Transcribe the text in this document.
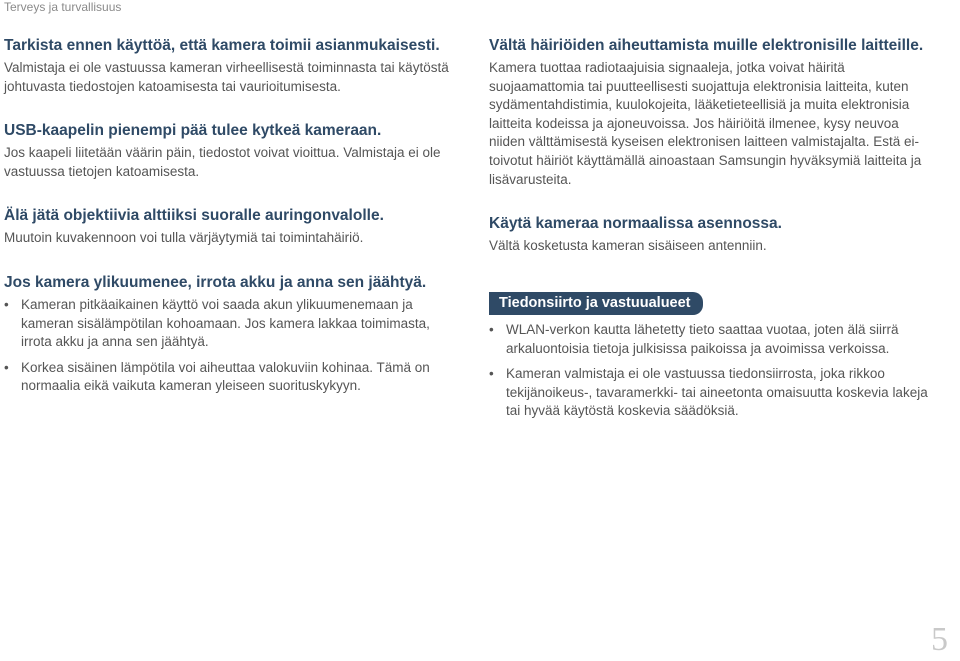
Terveys ja turvallisuus
Tarkista ennen käyttöä, että kamera toimii asianmukaisesti.

Valmistaja ei ole vastuussa kameran virheellisestä toiminnasta tai käytöstä johtuvasta tiedostojen katoamisesta tai vaurioitumisesta.

USB-kaapelin pienempi pää tulee kytkeä kameraan.

Jos kaapeli liitetään väärin päin, tiedostot voivat vioittua. Valmistaja ei ole vastuussa tietojen katoamisesta.

Älä jätä objektiivia alttiiksi suoralle auringonvalolle.

Muutoin kuvakennoon voi tulla värjäytymiä tai toimintahäiriö.

Jos kamera ylikuumenee, irrota akku ja anna sen jäähtyä.
• Kameran pitkäaikainen käyttö voi saada akun ylikuumenemaan ja kameran sisälämpötilan kohoamaan. Jos kamera lakkaa toimimasta, irrota akku ja anna sen jäähtyä.
• Korkea sisäinen lämpötila voi aiheuttaa valokuviin kohinaa. Tämä on normaalia eikä vaikuta kameran yleiseen suorituskykyyn.
Vältä häiriöiden aiheuttamista muille elektronisille laitteille.

Kamera tuottaa radiotaajuisia signaaleja, jotka voivat häiritä suojaamattomia tai puutteellisesti suojattuja elektronisia laitteita, kuten sydämentahdistimia, kuulokojeita, lääketieteellisiä ja muita elektronisia laitteita kodeissa ja ajoneuvoissa. Jos häiriöitä ilmenee, kysy neuvoa niiden välttämisestä kyseisen elektronisen laitteen valmistajalta. Estä ei-toivotut häiriöt käyttämällä ainoastaan Samsungin hyväksymiä laitteita ja lisävarusteita.

Käytä kameraa normaalissa asennossa.

Vältä kosketusta kameran sisäiseen antenniin.

Tiedonsiirto ja vastuualueet
• WLAN-verkon kautta lähetetty tieto saattaa vuotaa, joten älä siirrä arkaluontoisia tietoja julkisissa paikoissa ja avoimissa verkoissa.
• Kameran valmistaja ei ole vastuussa tiedonsiirrosta, joka rikkoo tekijänoikeus-, tavaramerkki- tai aineetonta omaisuutta koskevia lakeja tai hyvää käytöstä koskevia säädöksiä.
5
